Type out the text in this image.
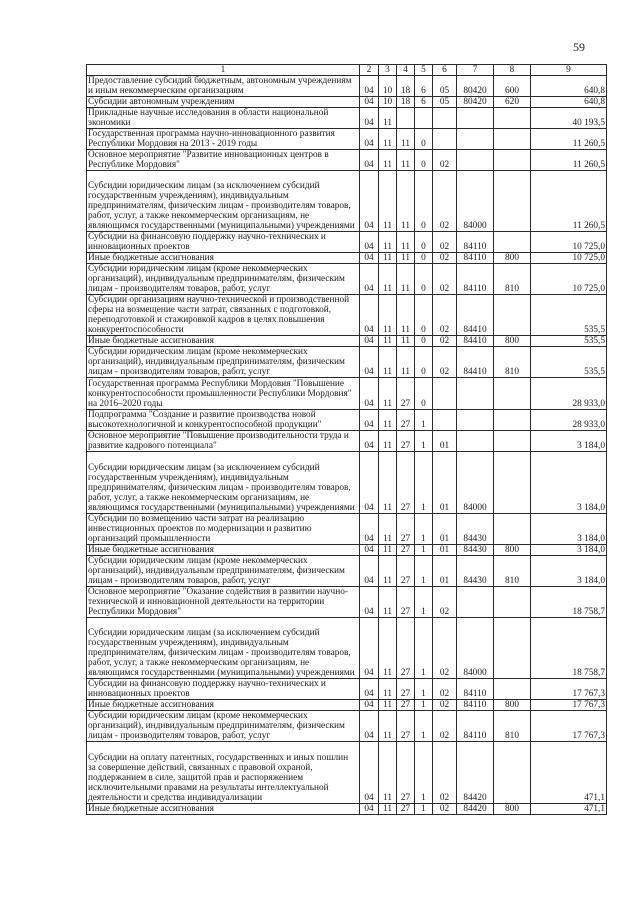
59
1	2	3	4	5	6	7	8	9
Предоставление субсидий бюджетным, автономным учреждениям и иным некоммерческим организациям	04	10	18	6	05	80420	600	640,8
Субсидии автономным учреждениям	04	10	18	6	05	80420	620	640,8
Прикладные научные исследования в области национальной экономики	04	11						40 193,5
Государственная программа научно-инновационного развития Республики Мордовия на 2013 - 2019 годы	04	11	11	0				11 260,5
Основное мероприятие "Развитие инновационных центров в Республике Мордовия"	04	11	11	0	02			11 260,5
Субсидии юридическим лицам (за исключением субсидий государственным учреждениям), индивидуальным предпринимателям, физическим лицам - производителям товаров, работ, услуг, а также некоммерческим организациям, не являющимся государственными (муниципальными) учреждениями	04	11	11	0	02	84000		11 260,5
Субсидии на финансовую поддержку научно-технических и инновационных проектов	04	11	11	0	02	84110		10 725,0
Иные бюджетные ассигнования	04	11	11	0	02	84110	800	10 725,0
Субсидии юридическим лицам (кроме некоммерческих организаций), индивидуальным предпринимателям, физическим лицам - производителям товаров, работ, услуг	04	11	11	0	02	84110	810	10 725,0
Субсидии организациям научно-технической и производственной сферы на возмещение части затрат, связанных с подготовкой, переподготовкой и стажировкой кадров в целях повышения конкурентоспособности	04	11	11	0	02	84410		535,5
Иные бюджетные ассигнования	04	11	11	0	02	84410	800	535,5
Субсидии юридическим лицам (кроме некоммерческих организаций), индивидуальным предпринимателям, физическим лицам - производителям товаров, работ, услуг	04	11	11	0	02	84410	810	535,5
Государственная программа Республики Мордовия "Повышение конкурентоспособности промышленности Республики Мордовия" на 2016–2020 годы	04	11	27	0				28 933,0
Подпрограмма "Создание и развитие производства новой высокотехнологичной и конкурентоспособной продукции"	04	11	27	1				28 933,0
Основное мероприятие "Повышение производительности труда и развитие кадрового потенциала"	04	11	27	1	01			3 184,0
Субсидии юридическим лицам (за исключением субсидий государственным учреждениям), индивидуальным предпринимателям, физическим лицам - производителям товаров, работ, услуг, а также некоммерческим организациям, не являющимся государственными (муниципальными) учреждениями	04	11	27	1	01	84000		3 184,0
Субсидии по возмещению части затрат на реализацию инвестиционных проектов по модернизации и развитию организаций промышленности	04	11	27	1	01	84430		3 184,0
Иные бюджетные ассигнования	04	11	27	1	01	84430	800	3 184,0
Субсидии юридическим лицам (кроме некоммерческих организаций), индивидуальным предпринимателям, физическим лицам - производителям товаров, работ, услуг	04	11	27	1	01	84430	810	3 184,0
Основное мероприятие "Оказание содействия в развитии научно-технической и инновационной деятельности на территории Республики Мордовия"	04	11	27	1	02			18 758,7
Субсидии юридическим лицам (за исключением субсидий государственным учреждениям), индивидуальным предпринимателям, физическим лицам - производителям товаров, работ, услуг, а также некоммерческим организациям, не являющимся государственными (муниципальными) учреждениями	04	11	27	1	02	84000		18 758,7
Субсидии на финансовую поддержку научно-технических и инновационных проектов	04	11	27	1	02	84110		17 767,3
Иные бюджетные ассигнования	04	11	27	1	02	84110	800	17 767,3
Субсидии юридическим лицам (кроме некоммерческих организаций), индивидуальным предпринимателям, физическим лицам - производителям товаров, работ, услуг	04	11	27	1	02	84110	810	17 767,3
Субсидии на оплату патентных, государственных и иных пошлин за совершение действий, связанных с правовой охраной, поддержанием в силе, защитой прав и распоряжением исключительными правами на результаты интеллектуальной деятельности и средства индивидуализации	04	11	27	1	02	84420		471,1
Иные бюджетные ассигнования	04	11	27	1	02	84420	800	471,1
